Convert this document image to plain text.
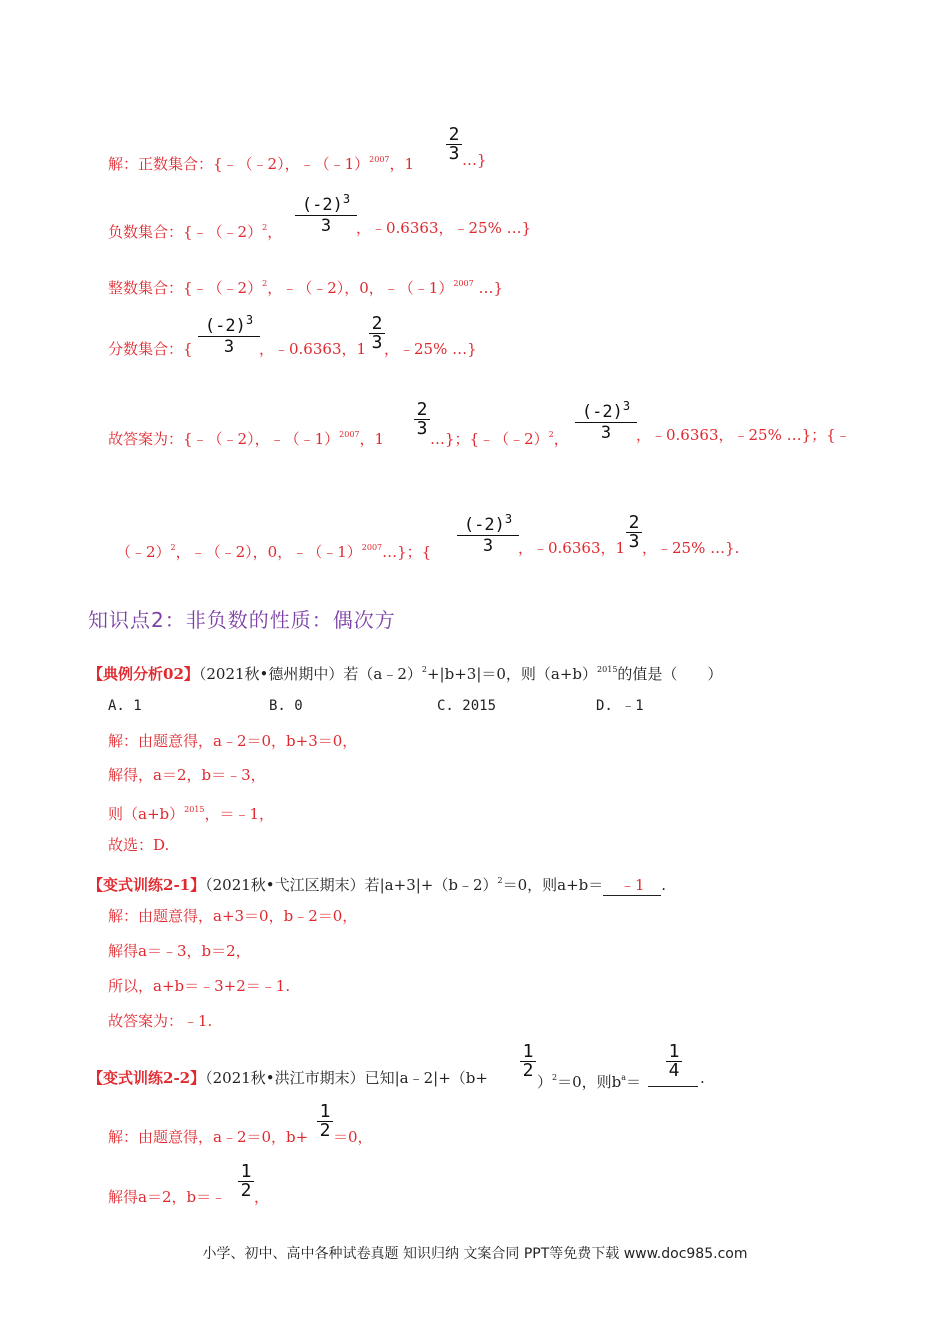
解：正数集合：{﹣（﹣2），﹣（﹣1）$^{2007}$，1
2
3 …}
负数集合：{﹣（﹣2）$^2$，
$(-2)^3$
3	，﹣0.6363，﹣25% …}
整数集合：{﹣（﹣2）$^2$，﹣（﹣2），0，﹣（﹣1）$^{2007}$ …}
分数集合：{
$(-2)^3$
3	，﹣0.6363，1
2
3 ，﹣25% …}
故答案为：{﹣（﹣2），﹣（﹣1）$^{2007}$，1
2
3 …}；{﹣（﹣2）$^2$，
$(-2)^3$
3	，﹣0.6363，﹣25% …}；{﹣
（﹣2）$^2$，﹣（﹣2），0，﹣（﹣1）$^{2007}$…}；{
$(-2)^3$
3	，﹣0.6363，1
2
3 ，﹣25% …}.
知识点2：非负数的性质：偶次方
【典例分析02】（2021秋•德州期中）若（a﹣2）$^2$+|b+3|＝0，则$(a+b)^{2015}$的值是（　　）
A. 1	B. 0	C. 2015	D. ﹣1
解：由题意得，a﹣2＝0，b+3＝0，
解得，a＝2，b＝﹣3，
则$(a+b)^{2015}$，＝﹣1，
故选：D.
【变式训练2-1】（2021秋•弋江区期末）若|a+3|+（b﹣2）$^2$＝0，则a+b＝ ﹣1 .
解：由题意得，a+3＝0，b﹣2＝0，
解得a＝﹣3，b＝2，
所以，a+b＝﹣3+2＝﹣1.
故答案为：﹣1.
【变式训练2-2】（2021秋•洪江市期末）已知|a﹣2|+（b+
1
2
）$^2$＝0，则$b^a=$
1
4 .
解：由题意得，a﹣2＝0，b+
1
2 ＝0，
解得a＝2，b＝﹣
1
2 ，
小学、初中、高中各种试卷真题 知识归纳 文案合同 PPT等免费下载 www.doc985.com
